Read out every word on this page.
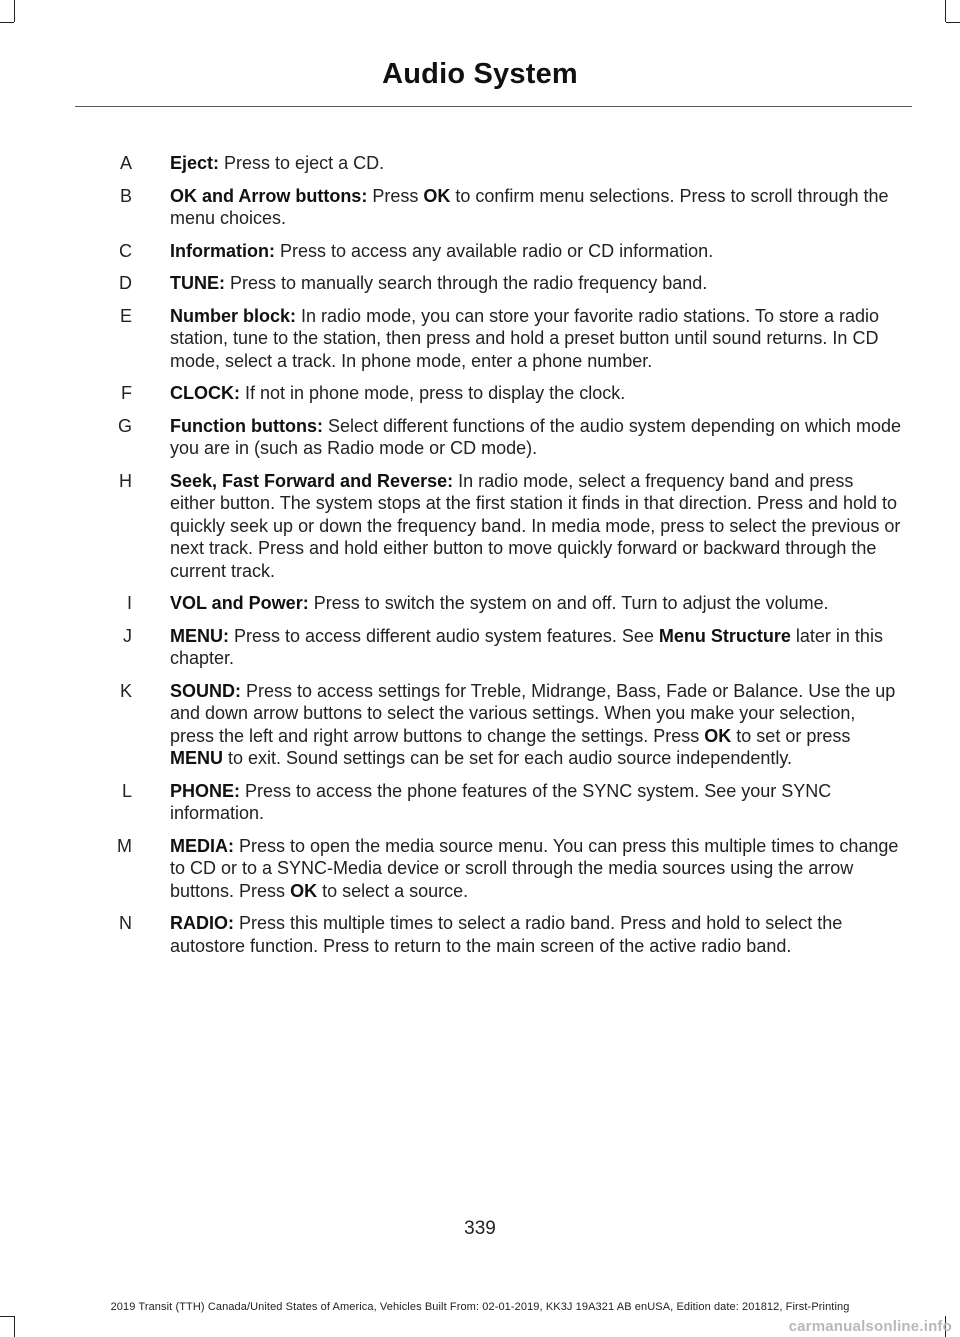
Audio System
A Eject: Press to eject a CD.
B OK and Arrow buttons: Press OK to confirm menu selections. Press to scroll through the menu choices.
C Information: Press to access any available radio or CD information.
D TUNE: Press to manually search through the radio frequency band.
E Number block: In radio mode, you can store your favorite radio stations. To store a radio station, tune to the station, then press and hold a preset button until sound returns. In CD mode, select a track. In phone mode, enter a phone number.
F CLOCK: If not in phone mode, press to display the clock.
G Function buttons: Select different functions of the audio system depending on which mode you are in (such as Radio mode or CD mode).
H Seek, Fast Forward and Reverse: In radio mode, select a frequency band and press either button. The system stops at the first station it finds in that direction. Press and hold to quickly seek up or down the frequency band. In media mode, press to select the previous or next track. Press and hold either button to move quickly forward or backward through the current track.
I VOL and Power: Press to switch the system on and off. Turn to adjust the volume.
J MENU: Press to access different audio system features. See Menu Structure later in this chapter.
K SOUND: Press to access settings for Treble, Midrange, Bass, Fade or Balance. Use the up and down arrow buttons to select the various settings. When you make your selection, press the left and right arrow buttons to change the settings. Press OK to set or press MENU to exit. Sound settings can be set for each audio source independently.
L PHONE: Press to access the phone features of the SYNC system. See your SYNC information.
M MEDIA: Press to open the media source menu. You can press this multiple times to change to CD or to a SYNC-Media device or scroll through the media sources using the arrow buttons. Press OK to select a source.
N RADIO: Press this multiple times to select a radio band. Press and hold to select the autostore function. Press to return to the main screen of the active radio band.
339
2019 Transit (TTH) Canada/United States of America, Vehicles Built From: 02-01-2019, KK3J 19A321 AB enUSA, Edition date: 201812, First-Printing
carmanualsonline.info
